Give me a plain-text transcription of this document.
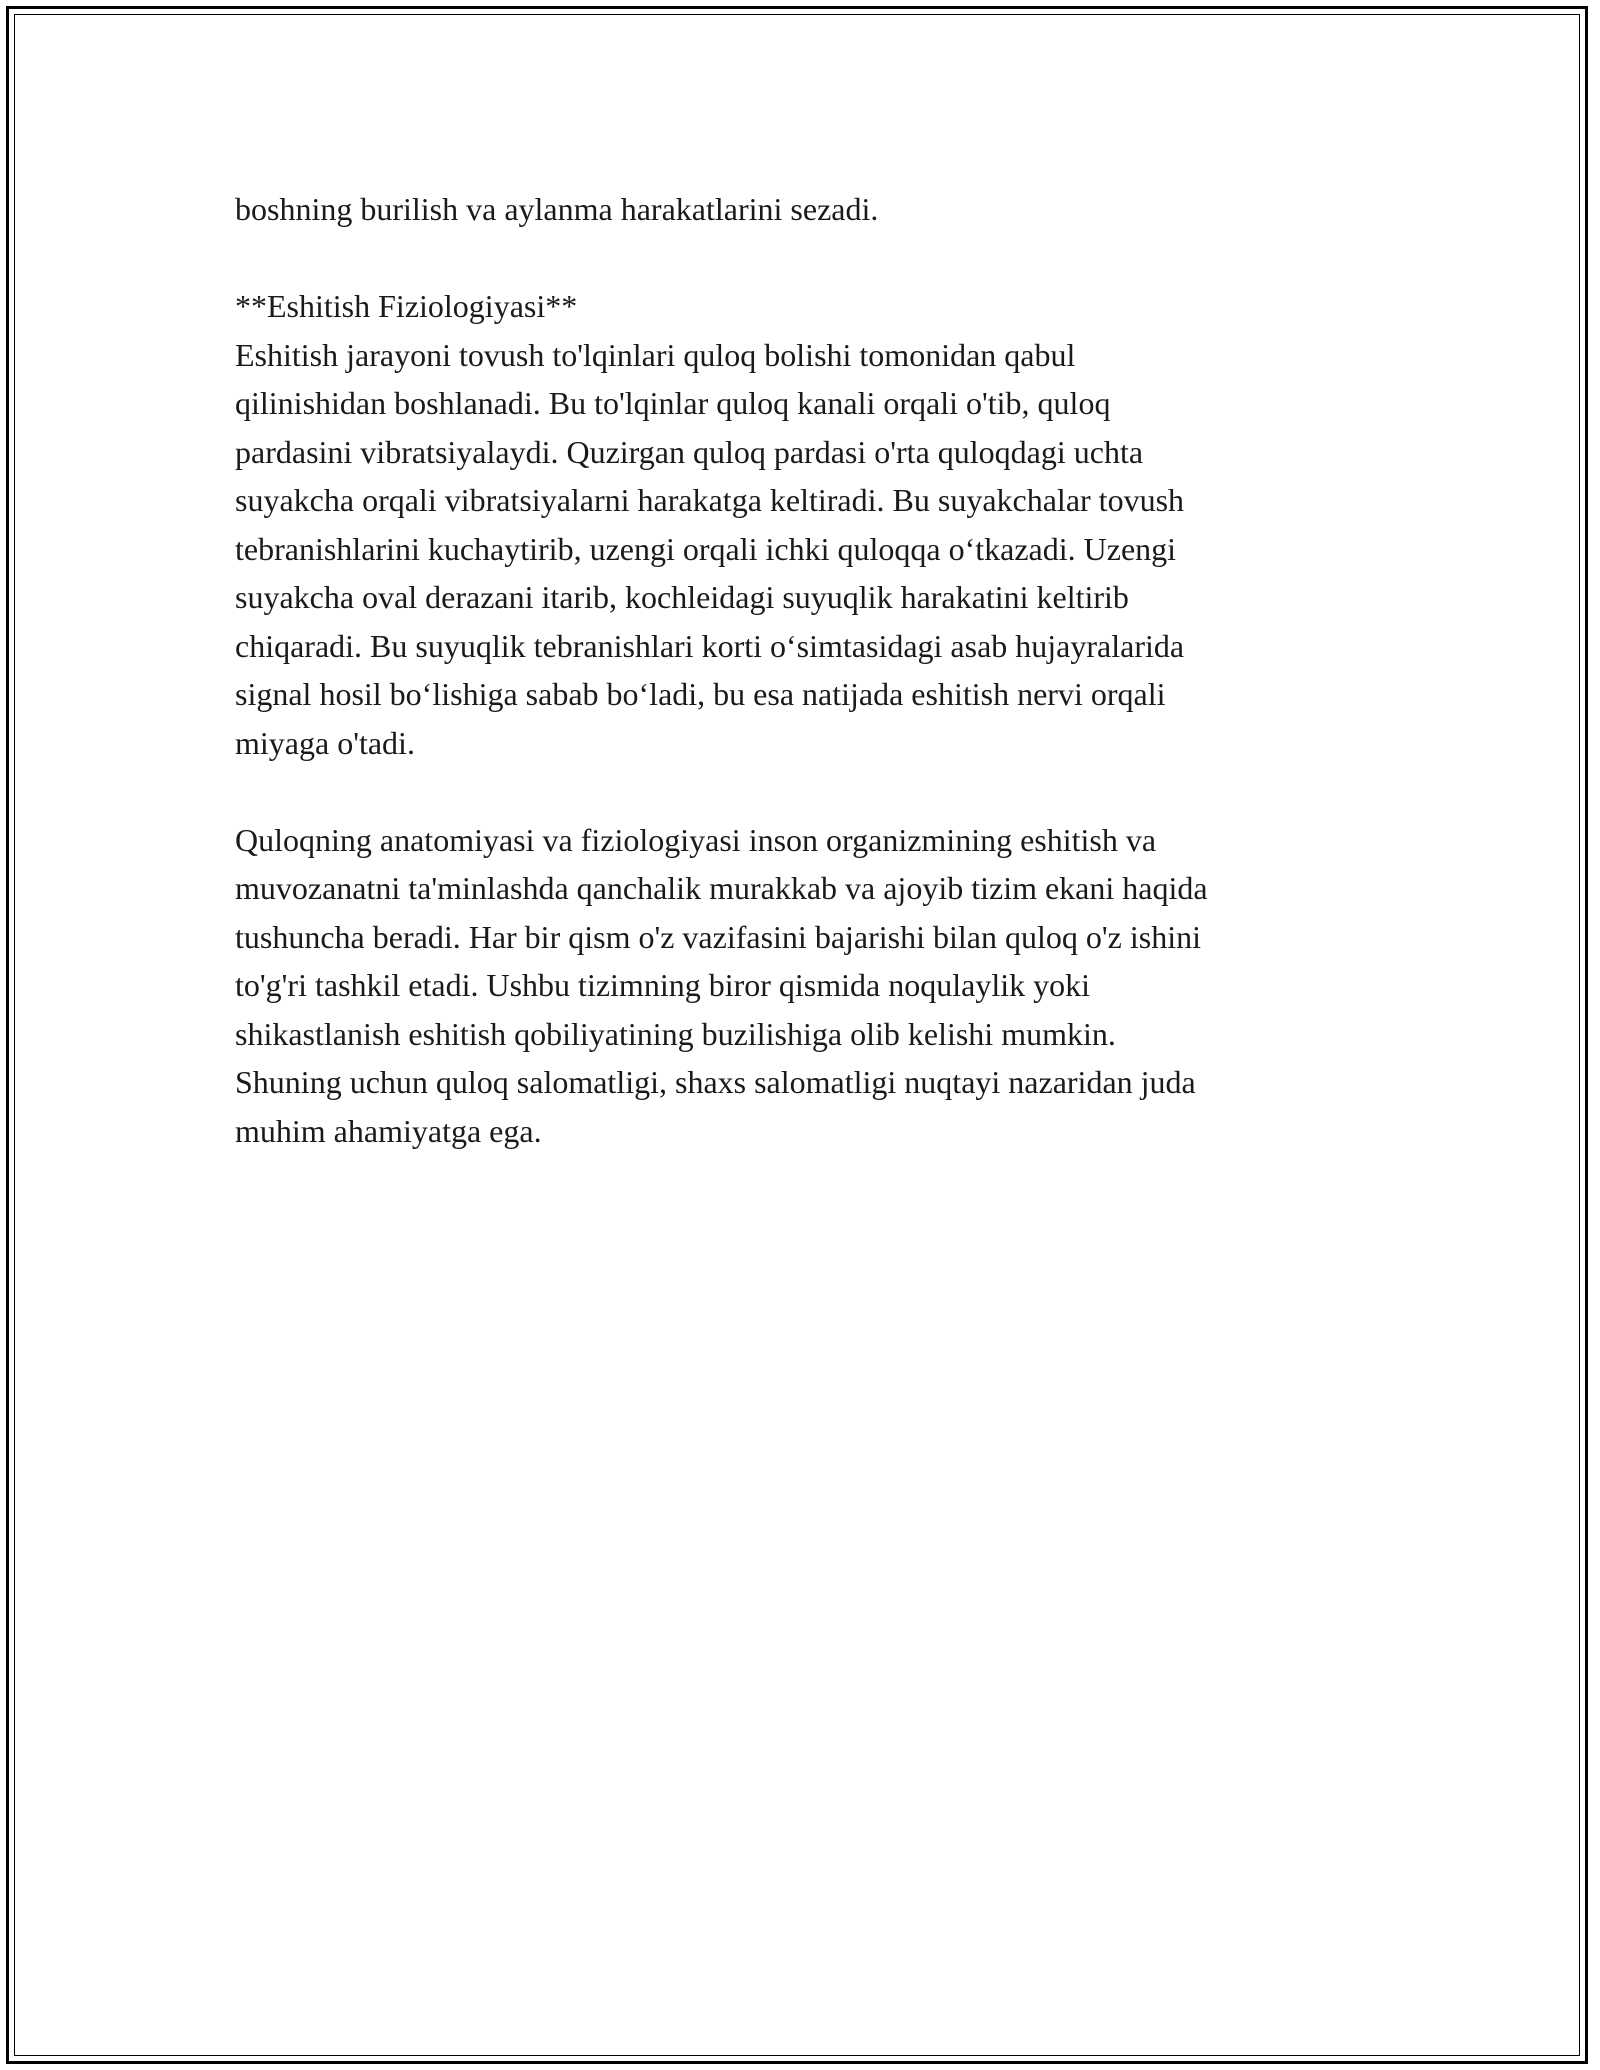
boshning burilish va aylanma harakatlarini sezadi.

**Eshitish Fiziologiyasi**

Eshitish jarayoni tovush to'lqinlari quloq bolishi tomonidan qabul

qilinishidan boshlanadi. Bu to'lqinlar quloq kanali orqali o'tib, quloq

pardasini vibratsiyalaydi. Quzirgan quloq pardasi o'rta quloqdagi uchta

suyakcha orqali vibratsiyalarni harakatga keltiradi. Bu suyakchalar tovush

tebranishlarini kuchaytirib, uzengi orqali ichki quloqqa o‘tkazadi. Uzengi

suyakcha oval derazani itarib, kochleidagi suyuqlik harakatini keltirib

chiqaradi. Bu suyuqlik tebranishlari korti o‘simtasidagi asab hujayralarida

signal hosil bo‘lishiga sabab bo‘ladi, bu esa natijada eshitish nervi orqali

miyaga o'tadi.

Quloqning anatomiyasi va fiziologiyasi inson organizmining eshitish va

muvozanatni ta'minlashda qanchalik murakkab va ajoyib tizim ekani haqida

tushuncha beradi. Har bir qism o'z vazifasini bajarishi bilan quloq o'z ishini

to'g'ri tashkil etadi. Ushbu tizimning biror qismida noqulaylik yoki

shikastlanish eshitish qobiliyatining buzilishiga olib kelishi mumkin.

Shuning uchun quloq salomatligi, shaxs salomatligi nuqtayi nazaridan juda

muhim ahamiyatga ega.
